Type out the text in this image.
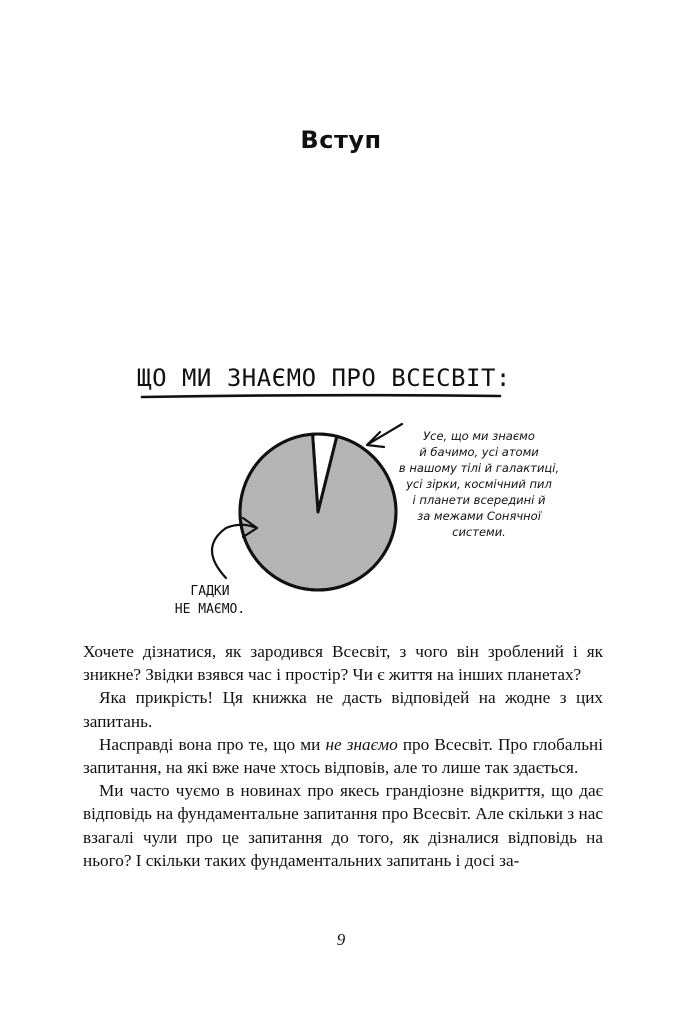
Вступ
ЩО МИ ЗНАЄМО ПРО ВСЕСВІТ:
Усе, що ми знаємо
й бачимо, усі атоми
в нашому тілі й галактиці,
усі зірки, космічний пил
і планети всередині й
за межами Сонячної
системи.
ГАДКИ
НЕ МАЄМО.

Хочете дізнатися, як зародився Всесвіт, з чого він зроблений і як зникне? Звідки взявся час і простір? Чи є життя на інших планетах?

Яка прикрість! Ця книжка не дасть відповідей на жодне з цих запитань.

Насправді вона про те, що ми не знаємо про Всесвіт. Про глобальні запитання, на які вже наче хтось відповів, але то лише так здається.

Ми часто чуємо в новинах про якесь грандіозне відкриття, що дає відповідь на фундаментальне запитання про Всесвіт. Але скільки з нас взагалі чули про це запитання до того, як дізналися відповідь на нього? І скільки таких фундаментальних запитань і досі за-

9
